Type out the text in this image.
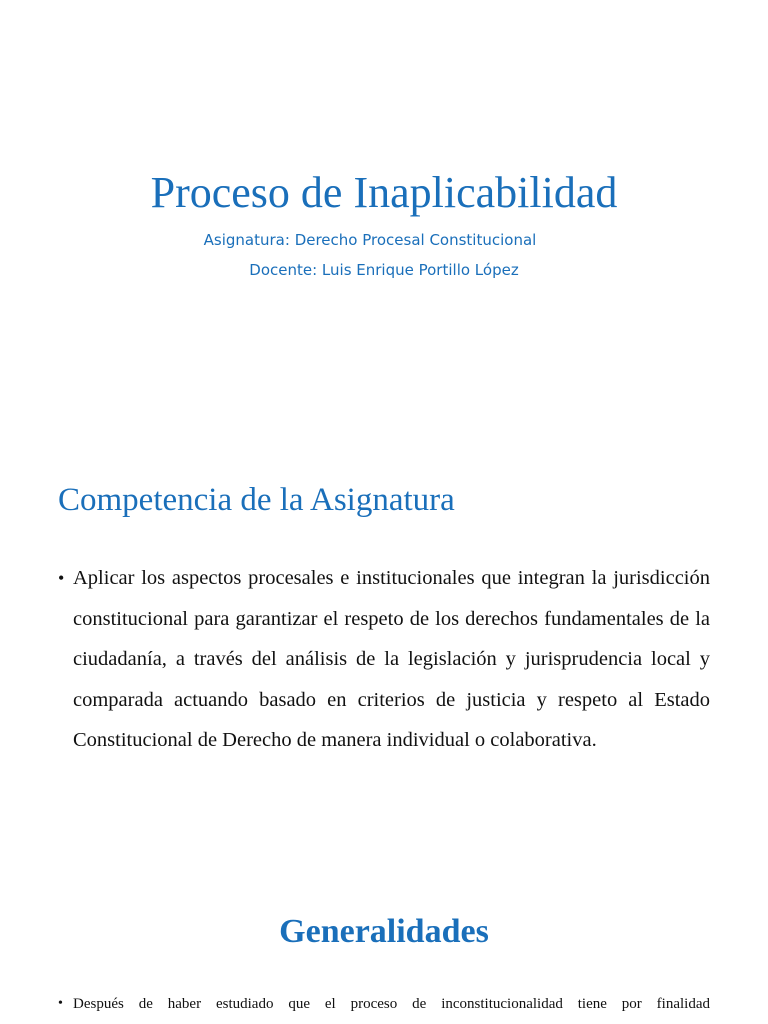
Proceso de Inaplicabilidad
Asignatura: Derecho Procesal Constitucional
Docente: Luis Enrique Portillo López
Competencia de la Asignatura
• Aplicar los aspectos procesales e institucionales que integran la jurisdicción constitucional para garantizar el respeto de los derechos fundamentales de la ciudadanía, a través del análisis de la legislación y jurisprudencia local y comparada actuando basado en criterios de justicia y respeto al Estado Constitucional de Derecho de manera individual o colaborativa.
Generalidades
• Después de haber estudiado que el proceso de inconstitucionalidad tiene por finalidad
